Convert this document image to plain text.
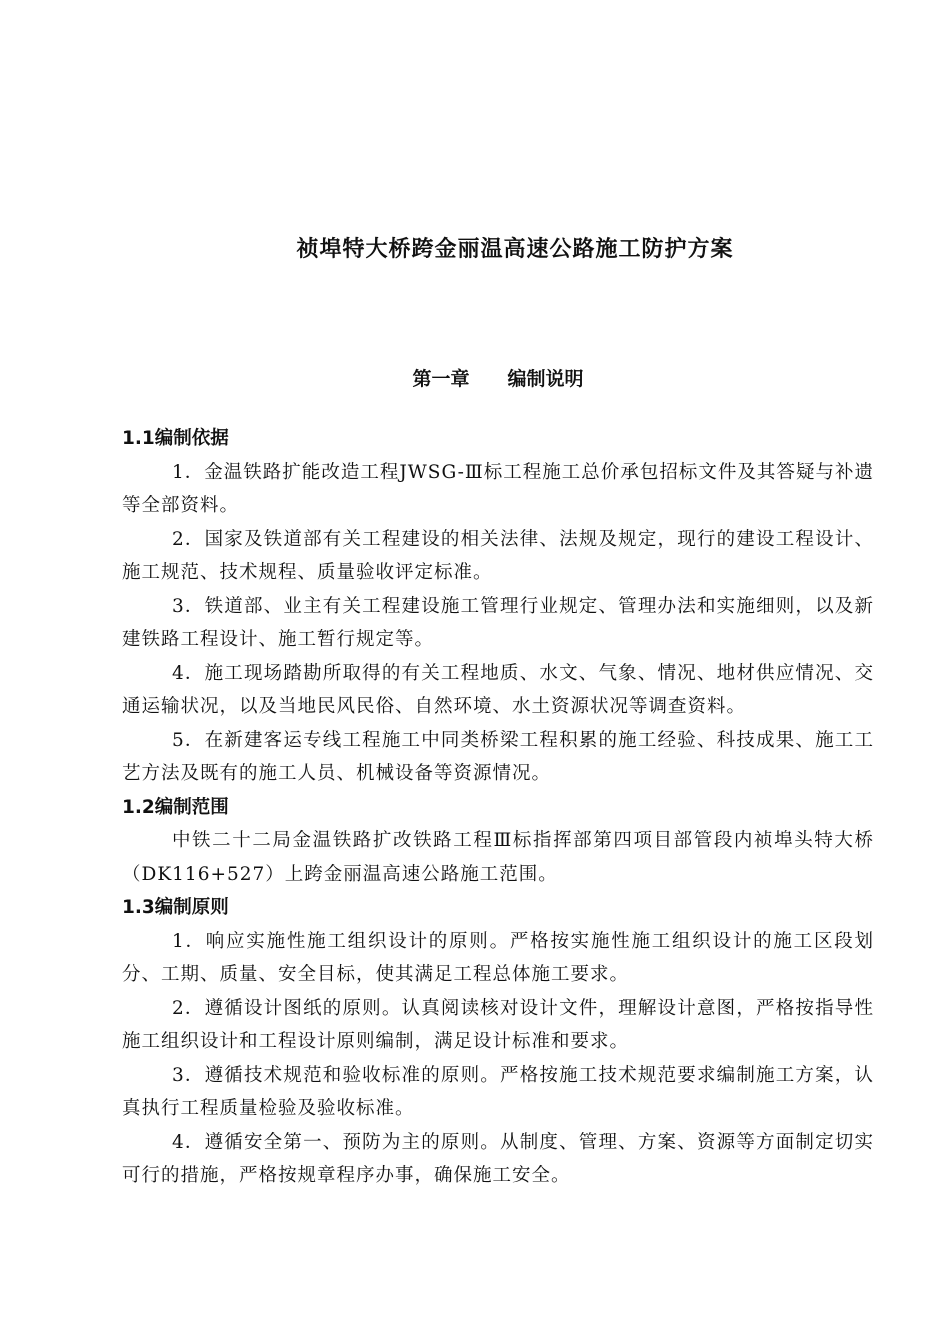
祯埠特大桥跨金丽温高速公路施工防护方案
第一章 编制说明

1.1编制依据

1．金温铁路扩能改造工程JWSG-Ⅲ标工程施工总价承包招标文件及其答疑与补遗等全部资料。

2．国家及铁道部有关工程建设的相关法律、法规及规定，现行的建设工程设计、施工规范、技术规程、质量验收评定标准。

3．铁道部、业主有关工程建设施工管理行业规定、管理办法和实施细则，以及新建铁路工程设计、施工暂行规定等。

4．施工现场踏勘所取得的有关工程地质、水文、气象、情况、地材供应情况、交通运输状况，以及当地民风民俗、自然环境、水土资源状况等调查资料。

5．在新建客运专线工程施工中同类桥梁工程积累的施工经验、科技成果、施工工艺方法及既有的施工人员、机械设备等资源情况。

1.2编制范围

中铁二十二局金温铁路扩改铁路工程Ⅲ标指挥部第四项目部管段内祯埠头特大桥（DK116+527）上跨金丽温高速公路施工范围。

1.3编制原则

1．响应实施性施工组织设计的原则。严格按实施性施工组织设计的施工区段划分、工期、质量、安全目标，使其满足工程总体施工要求。

2．遵循设计图纸的原则。认真阅读核对设计文件，理解设计意图，严格按指导性施工组织设计和工程设计原则编制，满足设计标准和要求。

3．遵循技术规范和验收标准的原则。严格按施工技术规范要求编制施工方案，认真执行工程质量检验及验收标准。

4．遵循安全第一、预防为主的原则。从制度、管理、方案、资源等方面制定切实可行的措施，严格按规章程序办事，确保施工安全。
